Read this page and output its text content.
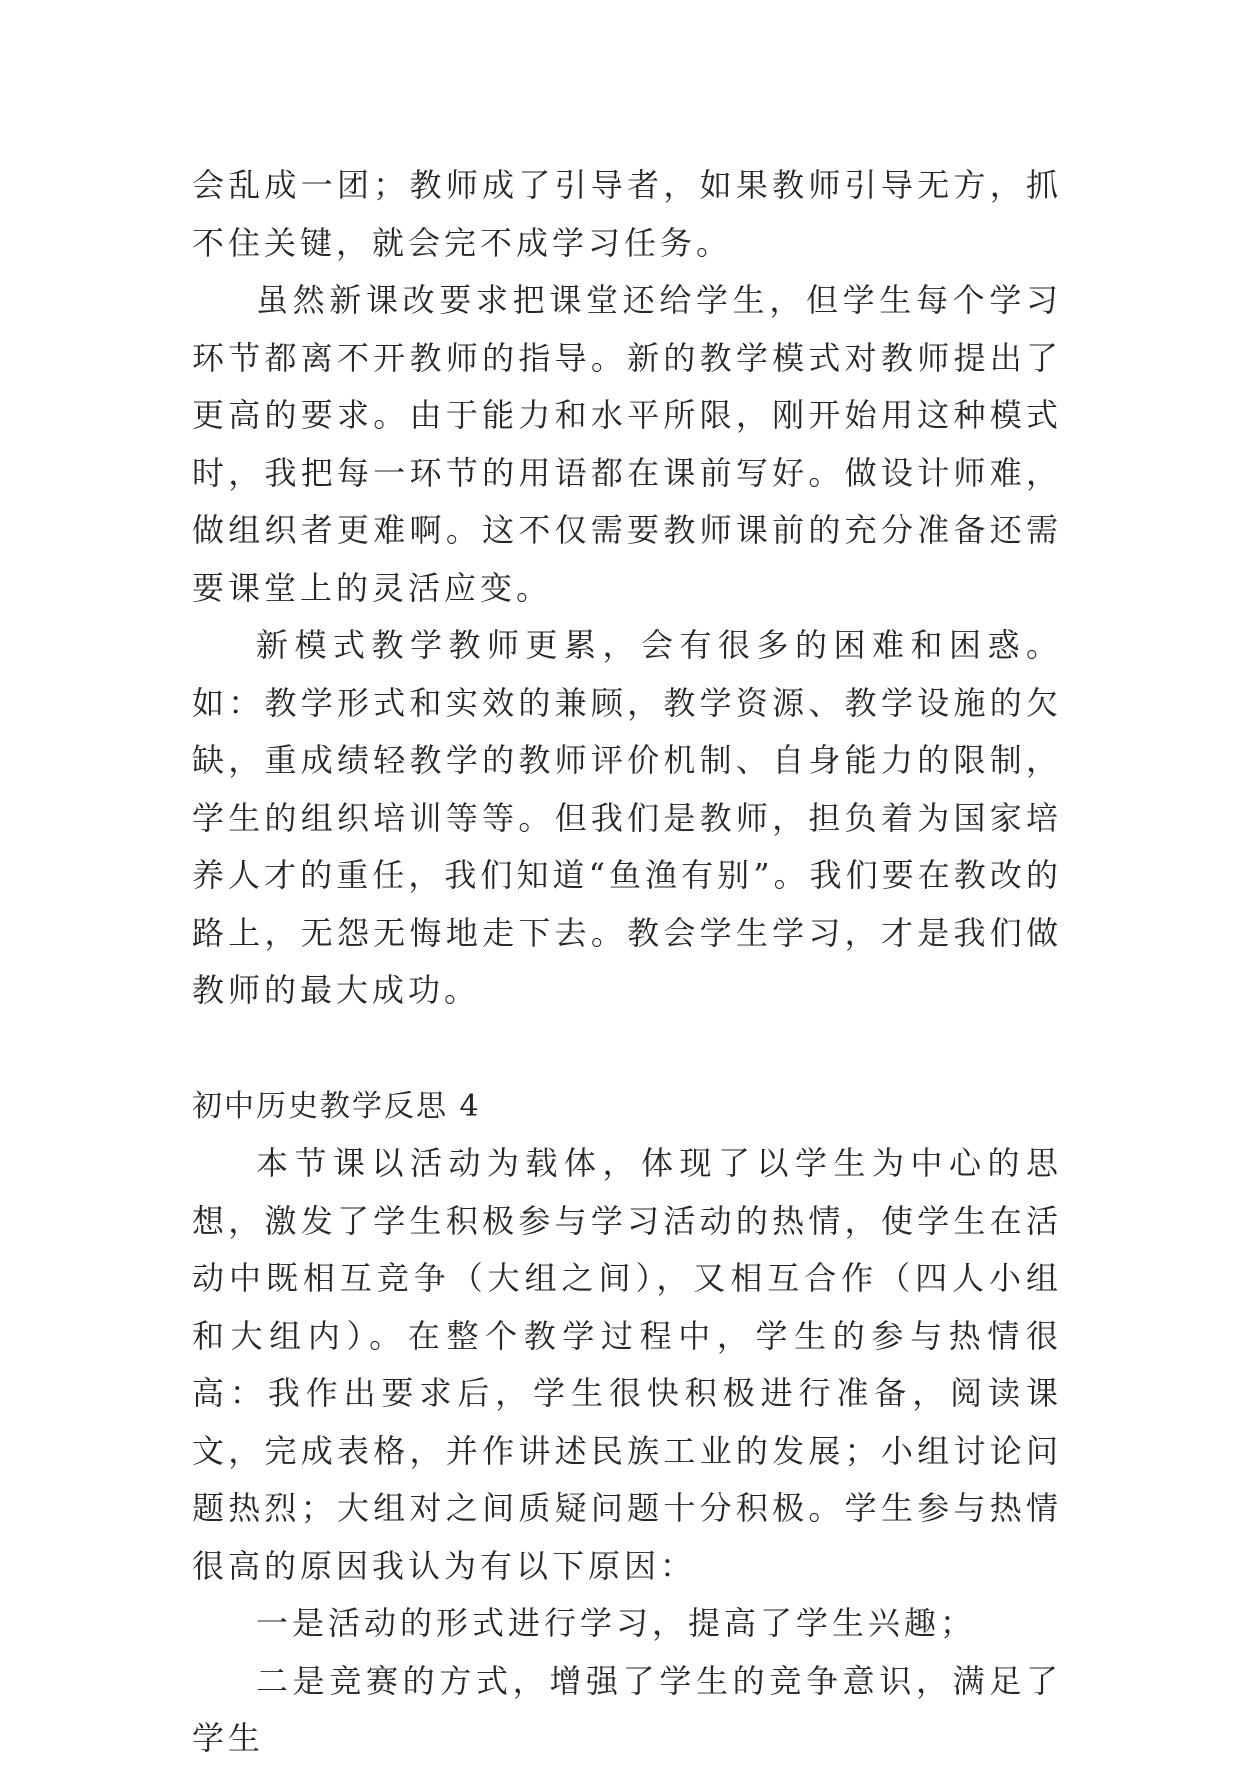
会乱成一团；教师成了引导者，如果教师引导无方，抓不住关键，就会完不成学习任务。

虽然新课改要求把课堂还给学生，但学生每个学习环节都离不开教师的指导。新的教学模式对教师提出了更高的要求。由于能力和水平所限，刚开始用这种模式时，我把每一环节的用语都在课前写好。做设计师难，做组织者更难啊。这不仅需要教师课前的充分准备还需要课堂上的灵活应变。

新模式教学教师更累，会有很多的困难和困惑。如：教学形式和实效的兼顾，教学资源、教学设施的欠缺，重成绩轻教学的教师评价机制、自身能力的限制，学生的组织培训等等。但我们是教师，担负着为国家培养人才的重任，我们知道“鱼渔有别”。我们要在教改的路上，无怨无悔地走下去。教会学生学习，才是我们做教师的最大成功。

初中历史教学反思 4

本节课以活动为载体，体现了以学生为中心的思想，激发了学生积极参与学习活动的热情，使学生在活动中既相互竞争（大组之间），又相互合作（四人小组和大组内）。在整个教学过程中，学生的参与热情很高：我作出要求后，学生很快积极进行准备，阅读课文，完成表格，并作讲述民族工业的发展；小组讨论问题热烈；大组对之间质疑问题十分积极。学生参与热情很高的原因我认为有以下原因：

一是活动的形式进行学习，提高了学生兴趣；

二是竞赛的方式，增强了学生的竞争意识，满足了学生
